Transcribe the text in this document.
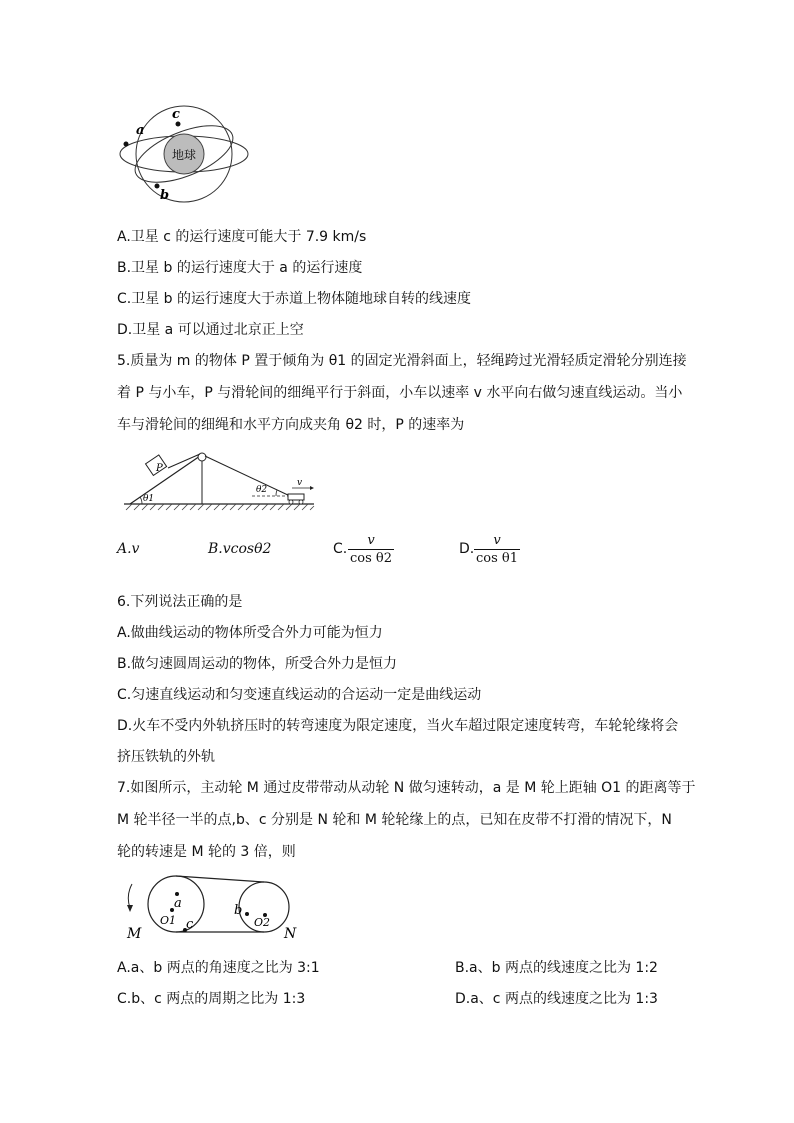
地球
a
c
b
A.卫星 c 的运行速度可能大于 7.9 km/s
B.卫星 b 的运行速度大于 a 的运行速度
C.卫星 b 的运行速度大于赤道上物体随地球自转的线速度
D.卫星 a 可以通过北京正上空
5.质量为 m 的物体 P 置于倾角为 θ1 的固定光滑斜面上，轻绳跨过光滑轻质定滑轮分别连接
着 P 与小车，P 与滑轮间的细绳平行于斜面，小车以速率 v 水平向右做匀速直线运动。当小
车与滑轮间的细绳和水平方向成夹角 θ2 时，P 的速率为
P
θ1
θ2
v
A.v	B.vcosθ2	C.
v
cos θ2
D.
v
cos θ1
6.下列说法正确的是
A.做曲线运动的物体所受合外力可能为恒力
B.做匀速圆周运动的物体，所受合外力是恒力
C.匀速直线运动和匀变速直线运动的合运动一定是曲线运动
D.火车不受内外轨挤压时的转弯速度为限定速度，当火车超过限定速度转弯，车轮轮缘将会
挤压铁轨的外轨
7.如图所示，主动轮 M 通过皮带带动从动轮 N 做匀速转动，a 是 M 轮上距轴 O1 的距离等于
M 轮半径一半的点,b、c 分别是 N 轮和 M 轮轮缘上的点，已知在皮带不打滑的情况下，N
轮的转速是 M 轮的 3 倍，则
a
O1 c
b
O2
M	N
A.a、b 两点的角速度之比为 3:1	B.a、b 两点的线速度之比为 1:2
C.b、c 两点的周期之比为 1:3	D.a、c 两点的线速度之比为 1:3
